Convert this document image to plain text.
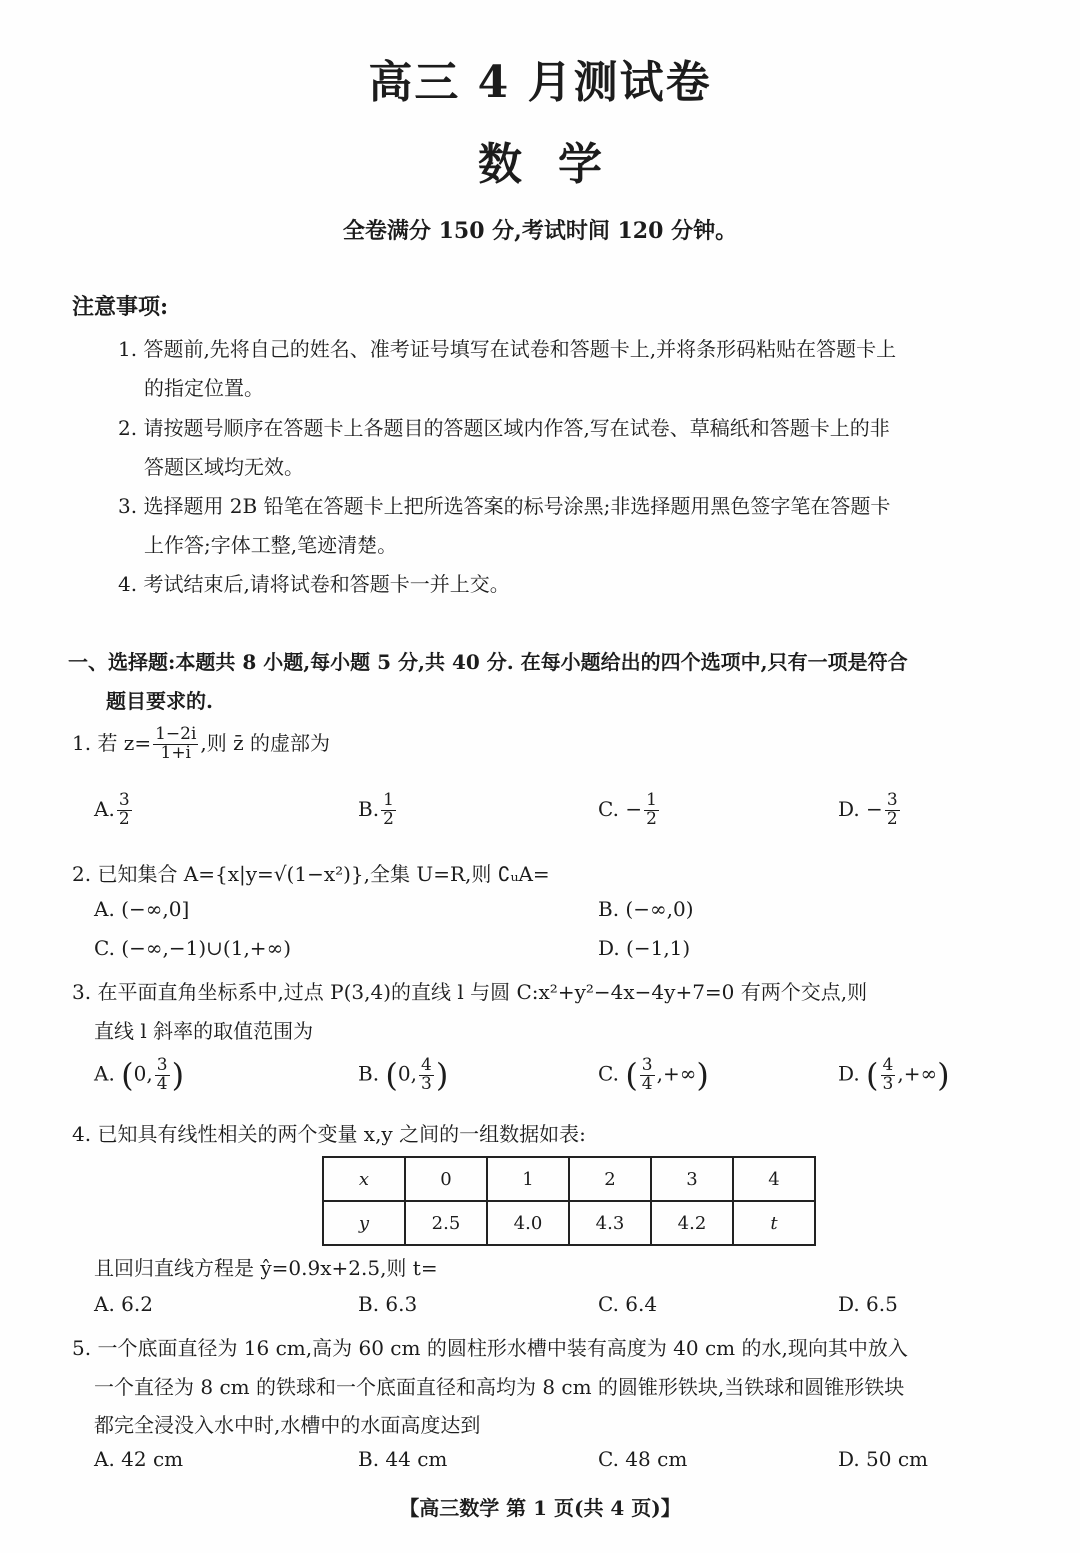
高三 4 月测试卷
数学
全卷满分 150 分,考试时间 120 分钟。
注意事项:
1. 答题前,先将自己的姓名、准考证号填写在试卷和答题卡上,并将条形码粘贴在答题卡上
的指定位置。
2. 请按题号顺序在答题卡上各题目的答题区域内作答,写在试卷、草稿纸和答题卡上的非
答题区域均无效。
3. 选择题用 2B 铅笔在答题卡上把所选答案的标号涂黑;非选择题用黑色签字笔在答题卡
上作答;字体工整,笔迹清楚。
4. 考试结束后,请将试卷和答题卡一并上交。
一、选择题:本题共 8 小题,每小题 5 分,共 40 分. 在每小题给出的四个选项中,只有一项是符合
题目要求的.
1. 若 $z= \frac{1-2i}{1+i}$ ,则 z̄ 的虚部为
A. $\frac{3}{2}$	B. $\frac{1}{2}$	C. − $\frac{1}{2}$	D. − $\frac{3}{2}$
2. 已知集合 A={x|y=√(1−x²)},全集 U=R,则 ∁ᵤA=
A. (−∞,0]	B. (−∞,0)
C. (−∞,−1)∪(1,+∞)	D. (−1,1)
3. 在平面直角坐标系中,过点 P(3,4)的直线 l 与圆 C:x²+y²−4x−4y+7=0 有两个交点,则
直线 l 斜率的取值范围为
A. (0, $\frac{3}{4}$ )	B. (0, $\frac{4}{3}$ )	C. ( $\frac{3}{4}$ ,+∞)	D. ( $\frac{4}{3}$ ,+∞)
4. 已知具有线性相关的两个变量 x,y 之间的一组数据如表:
x	0	1	2	3	4
y	2.5	4.0	4.3	4.2	t
且回归直线方程是 ŷ=0.9x+2.5,则 t=
A. 6.2	B. 6.3	C. 6.4	D. 6.5
5. 一个底面直径为 16 cm,高为 60 cm 的圆柱形水槽中装有高度为 40 cm 的水,现向其中放入
一个直径为 8 cm 的铁球和一个底面直径和高均为 8 cm 的圆锥形铁块,当铁球和圆锥形铁块
都完全浸没入水中时,水槽中的水面高度达到
A. 42 cm	B. 44 cm	C. 48 cm	D. 50 cm
【高三数学 第 1 页(共 4 页)】
